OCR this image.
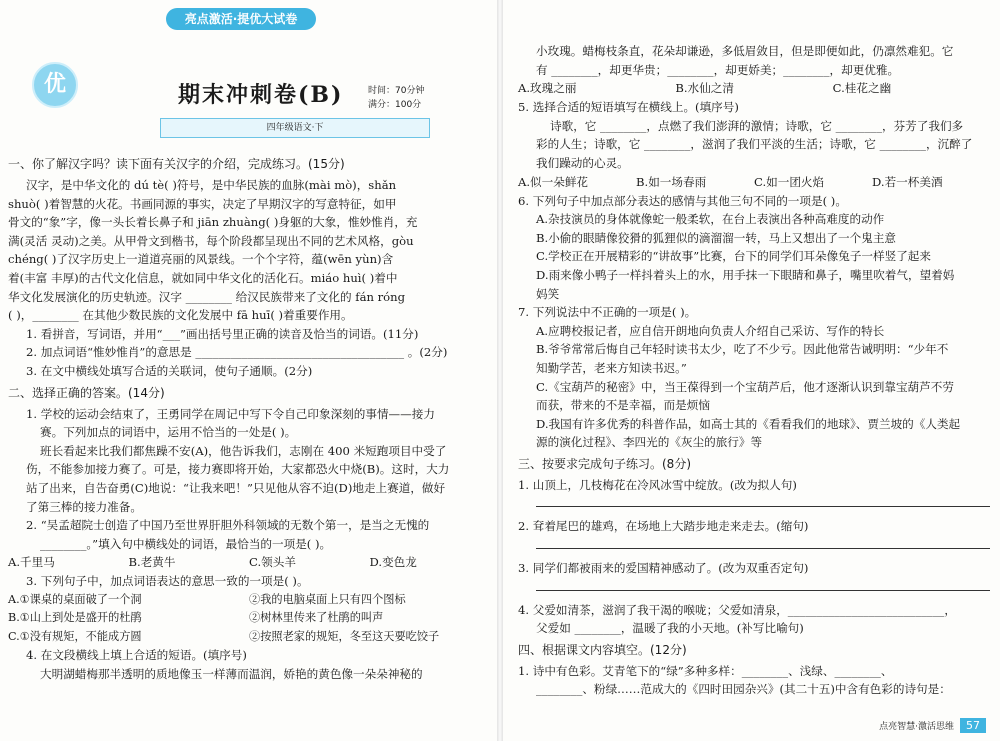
亮点激活·提优大试卷
优	期末冲刺卷(B)	时间：70分钟
满分：100分
四年级语文·下
一、你了解汉字吗？读下面有关汉字的介绍，完成练习。(15分)
汉字，是中华文化的 dú tè( )符号，是中华民族的血脉(mài mò)，shǎn
shuò( )着智慧的火花。书画同源的事实，决定了早期汉字的写意特征，如甲
骨文的“象”字，像一头长着长鼻子和 jiān zhuàng( )身躯的大象，惟妙惟肖，充
满(灵活 灵动)之美。从甲骨文到楷书，每个阶段都呈现出不同的艺术风格，gòu
chéng( )了汉字历史上一道道亮丽的风景线。一个个字符，蕴(wēn yùn)含
着(丰富 丰厚)的古代文化信息，就如同中华文化的活化石。miáo huì( )着中
华文化发展演化的历史轨迹。汉字 ________ 给汉民族带来了文化的 fán róng
( )，________ 在其他少数民族的文化发展中 fā huī( )着重要作用。
1. 看拼音，写词语，并用“___”画出括号里正确的读音及恰当的词语。(11分)
2. 加点词语“惟妙惟肖”的意思是 ____________________________________ 。(2分)
3. 在文中横线处填写合适的关联词，使句子通顺。(2分)
二、选择正确的答案。(14分)
1. 学校的运动会结束了，王勇同学在周记中写下令自己印象深刻的事情——接力
赛。下列加点的词语中，运用不恰当的一处是( )。
班长看起来比我们都焦躁不安(A)，他告诉我们，志刚在 400 米短跑项目中受了
伤，不能参加接力赛了。可是，接力赛即将开始，大家都恐火中烧(B)。这时，大力
站了出来，自告奋勇(C)地说：“让我来吧！”只见他从容不迫(D)地走上赛道，做好
了第三棒的接力准备。
2. “吴孟超院士创造了中国乃至世界肝胆外科领域的无数个第一，是当之无愧的
________。”填入句中横线处的词语，最恰当的一项是( )。
A.千里马	B.老黄牛	C.领头羊	D.变色龙
3. 下列句子中，加点词语表达的意思一致的一项是( )。
A.①课桌的桌面破了一个洞	②我的电脑桌面上只有四个图标
B.①山上到处是盛开的杜鹃	②树林里传来了杜鹃的叫声
C.①没有规矩，不能成方圆	②按照老家的规矩，冬至这天要吃饺子
4. 在文段横线上填上合适的短语。(填序号)
大明湖蜡梅那半透明的质地像玉一样薄而温润，娇艳的黄色像一朵朵神秘的
小玫瑰。蜡梅枝条直，花朵却谦逊，多低眉敛目，但是即便如此，仍凛然难犯。它
有 ________，却更华贵；________，却更娇美；________，却更优雅。
A.玫瑰之丽	B.水仙之清	C.桂花之幽
5. 选择合适的短语填写在横线上。(填序号)
诗歌，它 ________，点燃了我们澎湃的激情；诗歌，它 ________，芬芳了我们多
彩的人生；诗歌，它 ________，滋润了我们平淡的生活；诗歌，它 ________，沉醉了
我们躁动的心灵。
A.似一朵鲜花	B.如一场春雨	C.如一团火焰	D.若一杯美酒
6. 下列句子中加点部分表达的感情与其他三句不同的一项是( )。
A.杂技演员的身体就像蛇一般柔软，在台上表演出各种高难度的动作
B.小偷的眼睛像狡猾的狐狸似的滴溜溜一转，马上又想出了一个鬼主意
C.学校正在开展精彩的“讲故事”比赛，台下的同学们耳朵像兔子一样竖了起来
D.雨来像小鸭子一样抖着头上的水，用手抹一下眼睛和鼻子，嘴里吹着气，望着妈
妈笑
7. 下列说法中不正确的一项是( )。
A.应聘校报记者，应自信开朗地向负责人介绍自己采访、写作的特长
B.爷爷常常后悔自己年轻时读书太少，吃了不少亏。因此他常告诫明明：“少年不
知勤学苦，老来方知读书迟。”
C.《宝葫芦的秘密》中，当王葆得到一个宝葫芦后，他才逐渐认识到靠宝葫芦不劳
而获，带来的不是幸福，而是烦恼
D.我国有许多优秀的科普作品，如高士其的《看看我们的地球》、贾兰坡的《人类起
源的演化过程》、李四光的《灰尘的旅行》等
三、按要求完成句子练习。(8分)
1. 山顶上，几枝梅花在冷风冰雪中绽放。(改为拟人句)
2. 耷着尾巴的雄鸡，在场地上大踏步地走来走去。(缩句)
3. 同学们都被雨来的爱国精神感动了。(改为双重否定句)
4. 父爱如清茶，滋润了我干渴的喉咙；父爱如清泉，___________________________，
父爱如 ________，温暖了我的小天地。(补写比喻句)
四、根据课文内容填空。(12分)
1. 诗中有色彩。艾青笔下的“绿”多种多样：________、浅绿、________、
________、粉绿……范成大的《四时田园杂兴》(其二十五)中含有色彩的诗句是：
点亮智慧·激活思维	57
